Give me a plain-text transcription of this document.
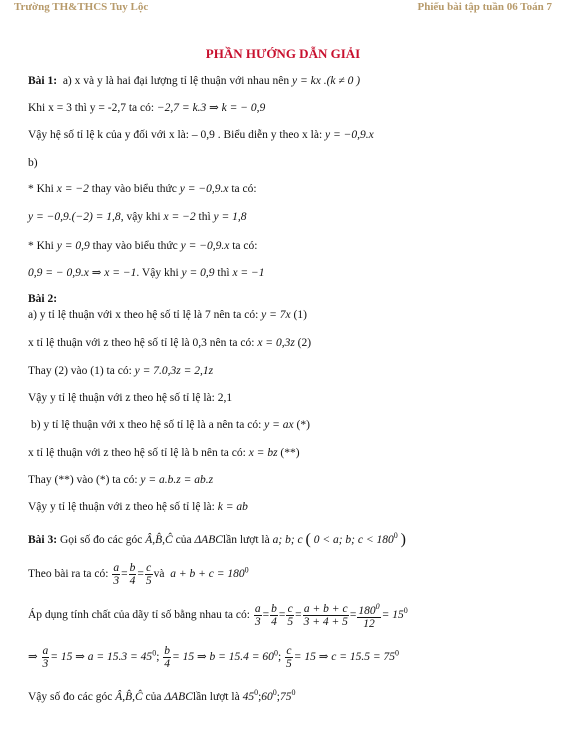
Trường TH&THCS Tuy Lộc	Phiếu bài tập tuần 06 Toán 7
PHẦN HƯỚNG DẪN GIẢI
Bài 1: a) x và y là hai đại lượng tỉ lệ thuận với nhau nên y = kx .(k ≠ 0 )
Khi x = 3 thì y = -2,7 ta có: −2,7 = k.3 ⇒ k = − 0,9
Vậy hệ số tỉ lệ k của y đối với x là: – 0,9 . Biểu diễn y theo x là: y = −0,9.x
b)
* Khi x = −2 thay vào biểu thức y = −0,9.x ta có:
y = −0,9.(−2) = 1,8, vậy khi x = −2 thì y = 1,8
* Khi y = 0,9 thay vào biểu thức y = −0,9.x ta có:
0,9 = − 0,9.x ⇒ x = −1. Vậy khi y = 0,9 thì x = −1
Bài 2:
a) y tỉ lệ thuận với x theo hệ số tỉ lệ là 7 nên ta có: y = 7x (1)
x tỉ lệ thuận với z theo hệ số tỉ lệ là 0,3 nên ta có: x = 0,3z (2)
Thay (2) vào (1) ta có: y = 7.0,3z = 2,1z
Vậy y tỉ lệ thuận với z theo hệ số tỉ lệ là: 2,1
b) y tỉ lệ thuận với x theo hệ số tỉ lệ là a nên ta có: y = ax (*)
x tỉ lệ thuận với z theo hệ số tỉ lệ là b nên ta có: x = bz (**)
Thay (**) vào (*) ta có: y = a.b.z = ab.z
Vậy y tỉ lệ thuận với z theo hệ số tỉ lệ là: k = ab
Bài 3: Gọi số đo các góc Â,B̂,Ĉ của ΔABClần lượt là a; b; c ( 0 < a; b; $c < 180^0$ )
Theo bài ra ta có: $\frac{a}{3} = \frac{b}{4} = \frac{c}{5}$ và $a + b + c = 180^0$
Áp dụng tính chất của dãy tỉ số bằng nhau ta có: $\frac{a}{3} = \frac{b}{4} = \frac{c}{5} = \frac{a + b + c}{3 + 4 + 5} = \frac{180^0}{12} = 15^0$
⇒ $\frac{a}{3} = 15$ ⇒ $a = 15.3 = 45^0$; $\frac{b}{4} = 15$ ⇒ $b = 15.4 = 60^0$; $\frac{c}{5} = 15$ ⇒ $c = 15.5 = 75^0$
Vậy số đo các góc Â,B̂,Ĉ của ΔABClần lượt là $45^0;60^0;75^0$
